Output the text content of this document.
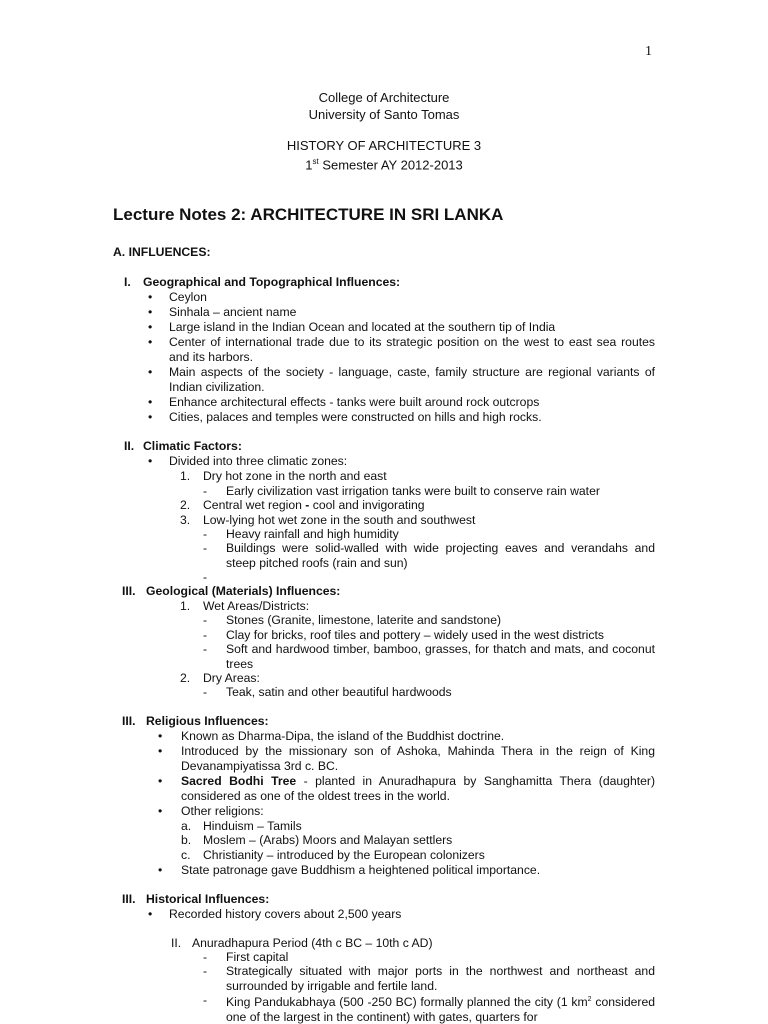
1
College of Architecture
University of Santo Tomas
HISTORY OF ARCHITECTURE 3
1st Semester AY 2012-2013
Lecture Notes 2: ARCHITECTURE IN SRI LANKA
A. INFLUENCES:
I. Geographical and Topographical Influences:
• Ceylon
• Sinhala – ancient name
• Large island in the Indian Ocean and located at the southern tip of India
• Center of international trade due to its strategic position on the west to east sea routes and its harbors.
• Main aspects of the society - language, caste, family structure are regional variants of Indian civilization.
• Enhance architectural effects - tanks were built around rock outcrops
• Cities, palaces and temples were constructed on hills and high rocks.
II. Climatic Factors:
• Divided into three climatic zones:
1. Dry hot zone in the north and east
- Early civilization vast irrigation tanks were built to conserve rain water
2. Central wet region - cool and invigorating
3. Low-lying hot wet zone in the south and southwest
- Heavy rainfall and high humidity
- Buildings were solid-walled with wide projecting eaves and verandahs and steep pitched roofs (rain and sun)
-
III. Geological (Materials) Influences:
1. Wet Areas/Districts:
- Stones (Granite, limestone, laterite and sandstone)
- Clay for bricks, roof tiles and pottery – widely used in the west districts
- Soft and hardwood timber, bamboo, grasses, for thatch and mats, and coconut trees
2. Dry Areas:
- Teak, satin and other beautiful hardwoods
III. Religious Influences:
• Known as Dharma-Dipa, the island of the Buddhist doctrine.
• Introduced by the missionary son of Ashoka, Mahinda Thera in the reign of King Devanampiyatissa 3rd c. BC.
• Sacred Bodhi Tree - planted in Anuradhapura by Sanghamitta Thera (daughter) considered as one of the oldest trees in the world.
• Other religions:
a. Hinduism – Tamils
b. Moslem – (Arabs) Moors and Malayan settlers
c. Christianity – introduced by the European colonizers
• State patronage gave Buddhism a heightened political importance.
III. Historical Influences:
• Recorded history covers about 2,500 years
II. Anuradhapura Period (4th c BC – 10th c AD)
- First capital
- Strategically situated with major ports in the northwest and northeast and surrounded by irrigable and fertile land.
- King Pandukabhaya (500 -250 BC) formally planned the city (1 $km^2$ considered one of the largest in the continent) with gates, quarters for
